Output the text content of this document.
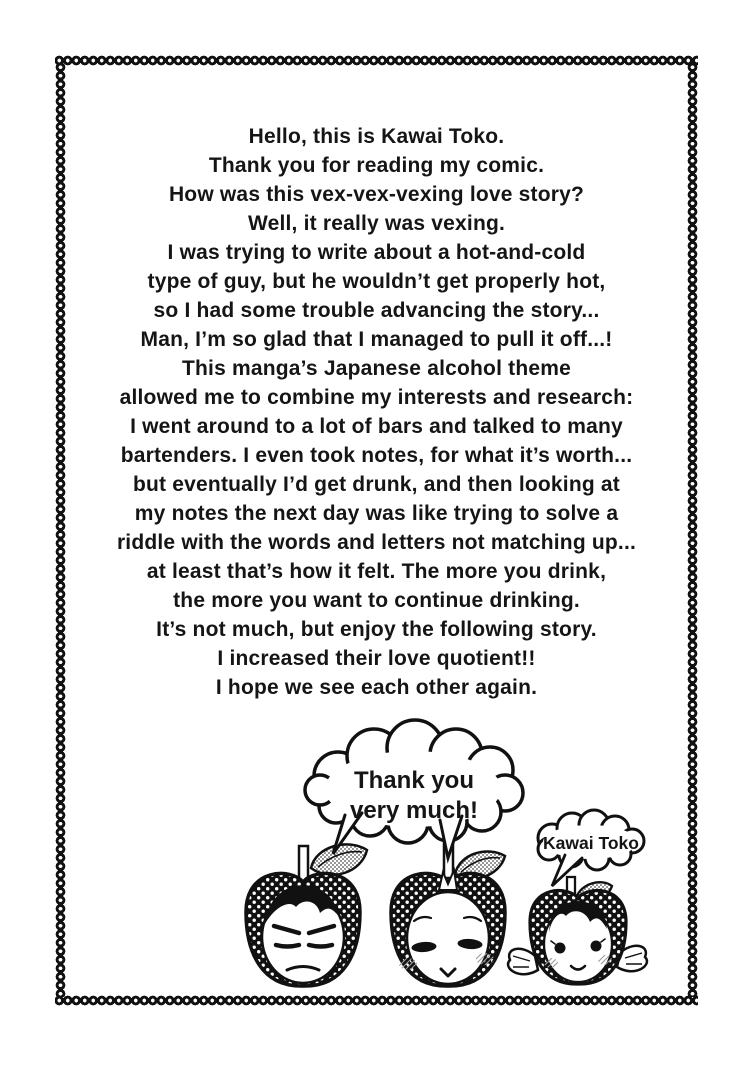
Hello, this is Kawai Toko.
Thank you for reading my comic.
How was this vex-vex-vexing love story?
Well, it really was vexing.
I was trying to write about a hot-and-cold
type of guy, but he wouldn’t get properly hot,
so I had some trouble advancing the story...
Man, I’m so glad that I managed to pull it off...!
This manga’s Japanese alcohol theme
allowed me to combine my interests and research:
I went around to a lot of bars and talked to many
bartenders. I even took notes, for what it’s worth...
but eventually I’d get drunk, and then looking at
my notes the next day was like trying to solve a
riddle with the words and letters not matching up...
at least that’s how it felt. The more you drink,
the more you want to continue drinking.
It’s not much, but enjoy the following story.
I increased their love quotient!!
I hope we see each other again.
Thank you
very much!
Kawai Toko
